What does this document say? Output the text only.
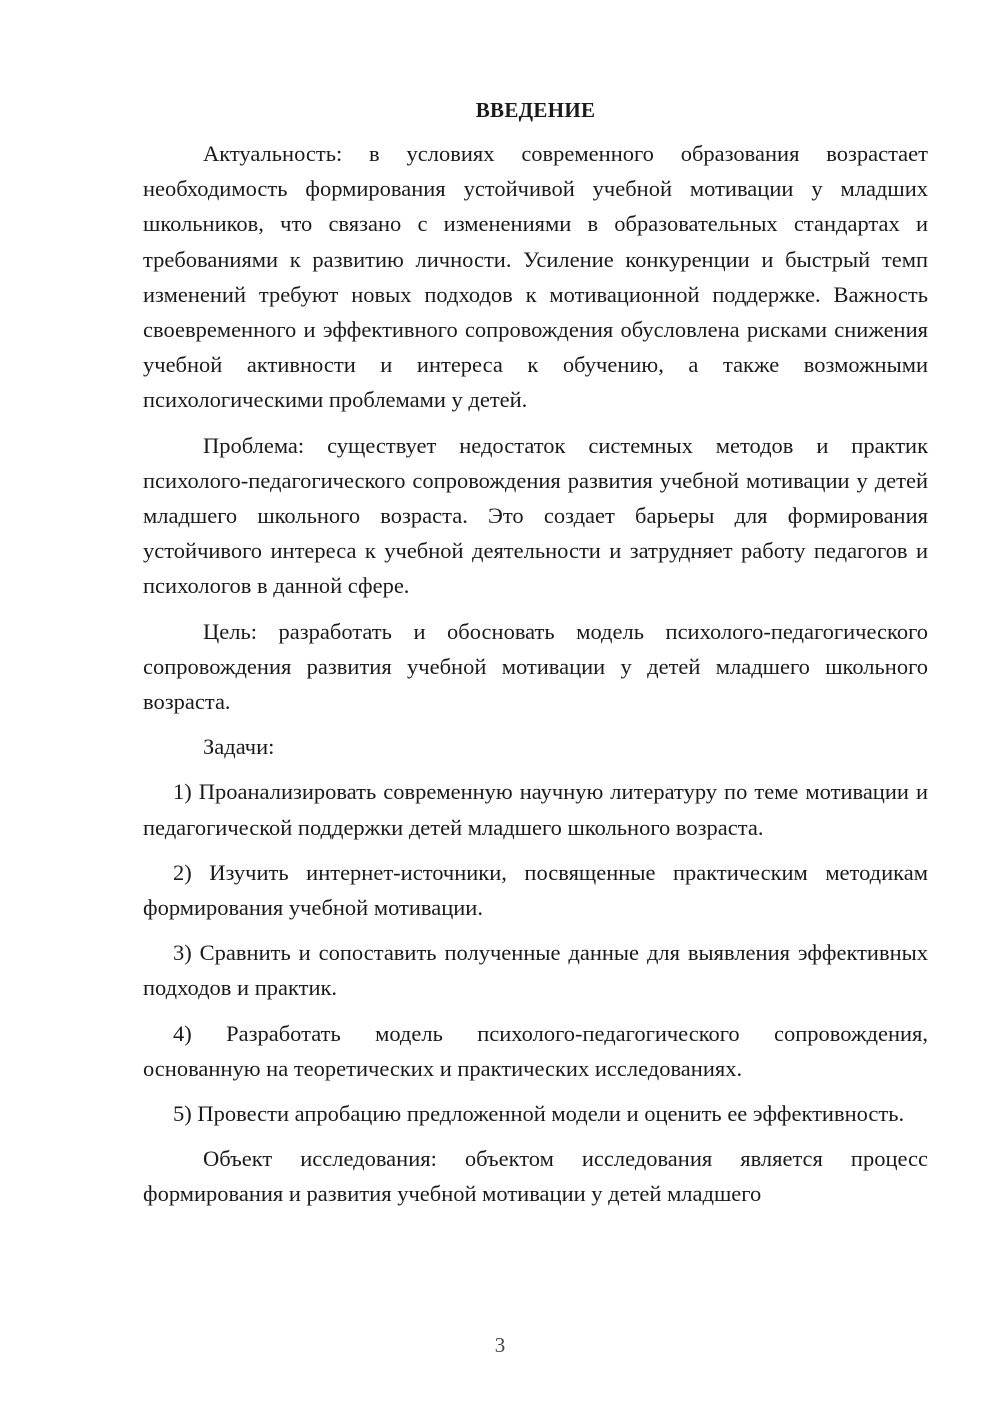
ВВЕДЕНИЕ

Актуальность: в условиях современного образования возрастает необходимость формирования устойчивой учебной мотивации у младших школьников, что связано с изменениями в образовательных стандартах и требованиями к развитию личности. Усиление конкуренции и быстрый темп изменений требуют новых подходов к мотивационной поддержке. Важность своевременного и эффективного сопровождения обусловлена рисками снижения учебной активности и интереса к обучению, а также возможными психологическими проблемами у детей.

Проблема: существует недостаток системных методов и практик психолого-педагогического сопровождения развития учебной мотивации у детей младшего школьного возраста. Это создает барьеры для формирования устойчивого интереса к учебной деятельности и затрудняет работу педагогов и психологов в данной сфере.

Цель: разработать и обосновать модель психолого-педагогического сопровождения развития учебной мотивации у детей младшего школьного возраста.

Задачи:

1) Проанализировать современную научную литературу по теме мотивации и педагогической поддержки детей младшего школьного возраста.

2) Изучить интернет-источники, посвященные практическим методикам формирования учебной мотивации.

3) Сравнить и сопоставить полученные данные для выявления эффективных подходов и практик.

4) Разработать модель психолого-педагогического сопровождения, основанную на теоретических и практических исследованиях.

5) Провести апробацию предложенной модели и оценить ее эффективность.

Объект исследования: объектом исследования является процесс формирования и развития учебной мотивации у детей младшего

3
